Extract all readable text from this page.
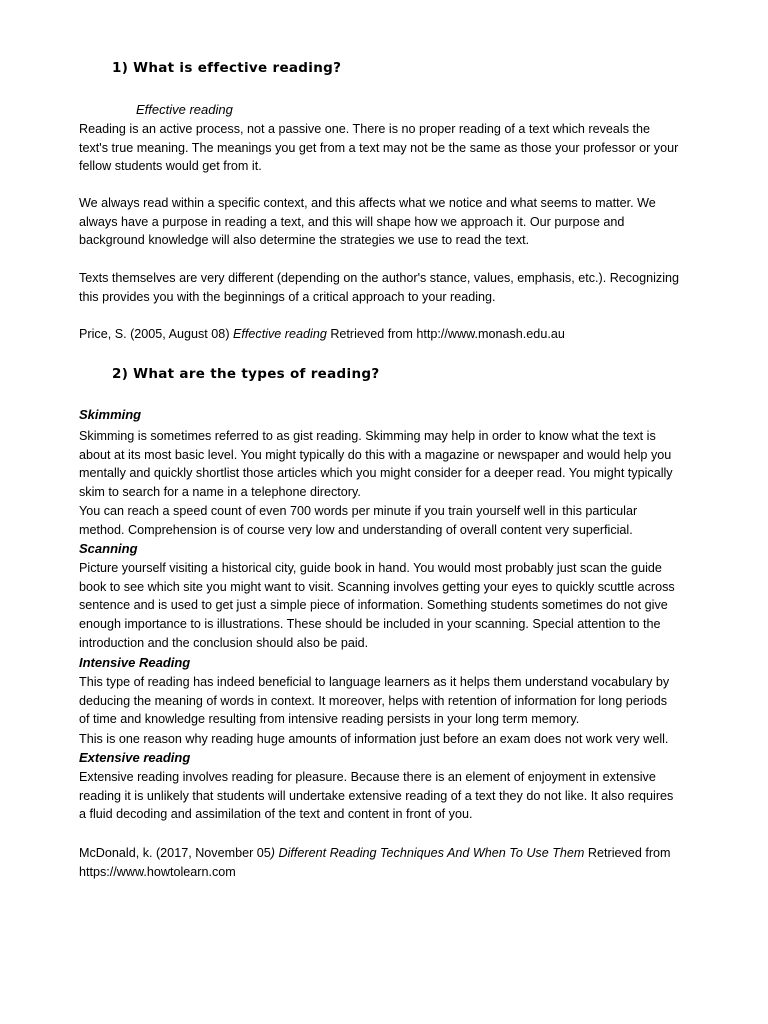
1) What is effective reading?

Effective reading

Reading is an active process, not a passive one. There is no proper reading of a text which reveals the text's true meaning. The meanings you get from a text may not be the same as those your professor or your fellow students would get from it.

We always read within a specific context, and this affects what we notice and what seems to matter. We always have a purpose in reading a text, and this will shape how we approach it. Our purpose and background knowledge will also determine the strategies we use to read the text.

Texts themselves are very different (depending on the author's stance, values, emphasis, etc.). Recognizing this provides you with the beginnings of a critical approach to your reading.

Price, S. (2005, August 08) Effective reading Retrieved from http://www.monash.edu.au

2) What are the types of reading?

Skimming

Skimming is sometimes referred to as gist reading. Skimming may help in order to know what the text is about at its most basic level. You might typically do this with a magazine or newspaper and would help you mentally and quickly shortlist those articles which you might consider for a deeper read. You might typically skim to search for a name in a telephone directory.

You can reach a speed count of even 700 words per minute if you train yourself well in this particular method. Comprehension is of course very low and understanding of overall content very superficial.

Scanning

Picture yourself visiting a historical city, guide book in hand. You would most probably just scan the guide book to see which site you might want to visit. Scanning involves getting your eyes to quickly scuttle across sentence and is used to get just a simple piece of information. Something students sometimes do not give enough importance to is illustrations. These should be included in your scanning. Special attention to the introduction and the conclusion should also be paid.

Intensive Reading

This type of reading has indeed beneficial to language learners as it helps them understand vocabulary by deducing the meaning of words in context. It moreover, helps with retention of information for long periods of time and knowledge resulting from intensive reading persists in your long term memory.

This is one reason why reading huge amounts of information just before an exam does not work very well.

Extensive reading

Extensive reading involves reading for pleasure. Because there is an element of enjoyment in extensive reading it is unlikely that students will undertake extensive reading of a text they do not like. It also requires a fluid decoding and assimilation of the text and content in front of you.

McDonald, k. (2017, November 05) Different Reading Techniques And When To Use Them Retrieved from https://www.howtolearn.com
